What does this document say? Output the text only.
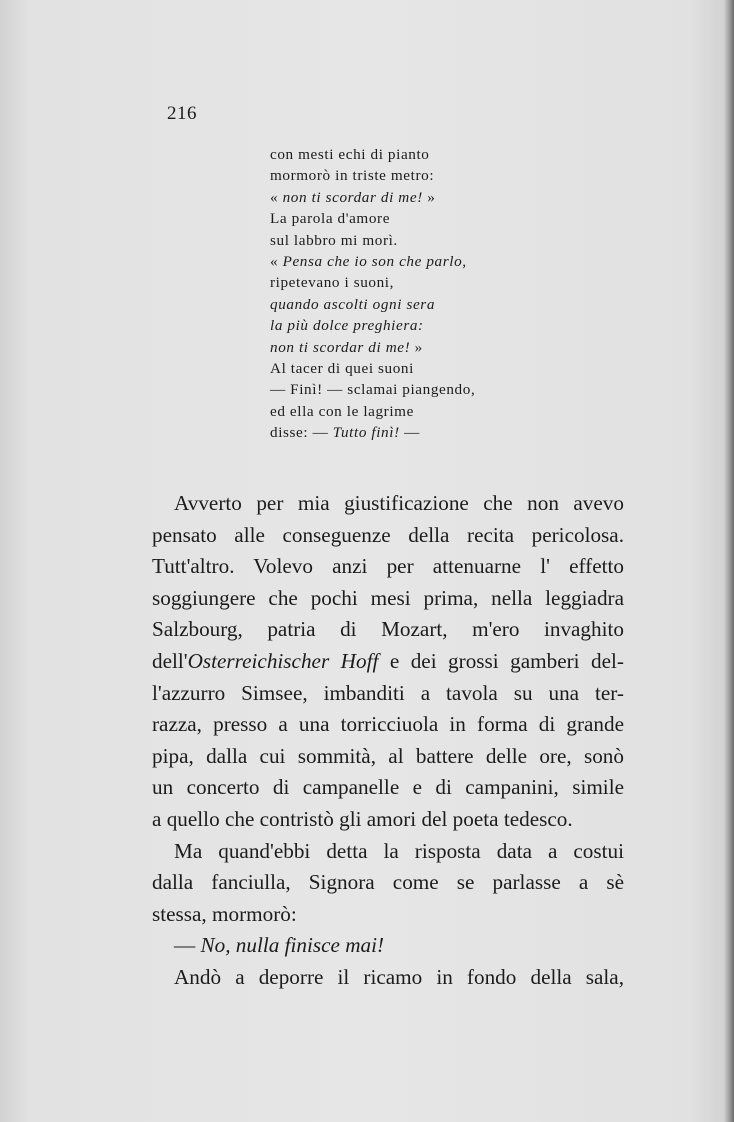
216
con mesti echi di pianto
mormorò in triste metro:
« non ti scordar di me! »
La parola d'amore
sul labbro mi morì.
« Pensa che io son che parlo,
ripetevano i suoni,
quando ascolti ogni sera
la più dolce preghiera:
non ti scordar di me! »
Al tacer di quei suoni
— Finì! — sclamai piangendo,
ed ella con le lagrime
disse: — Tutto finì! —
Avverto per mia giustificazione che non avevo
pensato alle conseguenze della recita pericolosa.
Tutt'altro. Volevo anzi per attenuarne l' effetto
soggiungere che pochi mesi prima, nella leggiadra
Salzbourg, patria di Mozart, m'ero invaghito
dell'Osterreichischer Hoff e dei grossi gamberi del-
l'azzurro Simsee, imbanditi a tavola su una ter-
razza, presso a una torricciuola in forma di grande
pipa, dalla cui sommità, al battere delle ore, sonò
un concerto di campanelle e di campanini, simile
a quello che contristò gli amori del poeta tedesco.
Ma quand'ebbi detta la risposta data a costui
dalla fanciulla, Signora come se parlasse a sè
stessa, mormorò:
— No, nulla finisce mai!
Andò a deporre il ricamo in fondo della sala,
